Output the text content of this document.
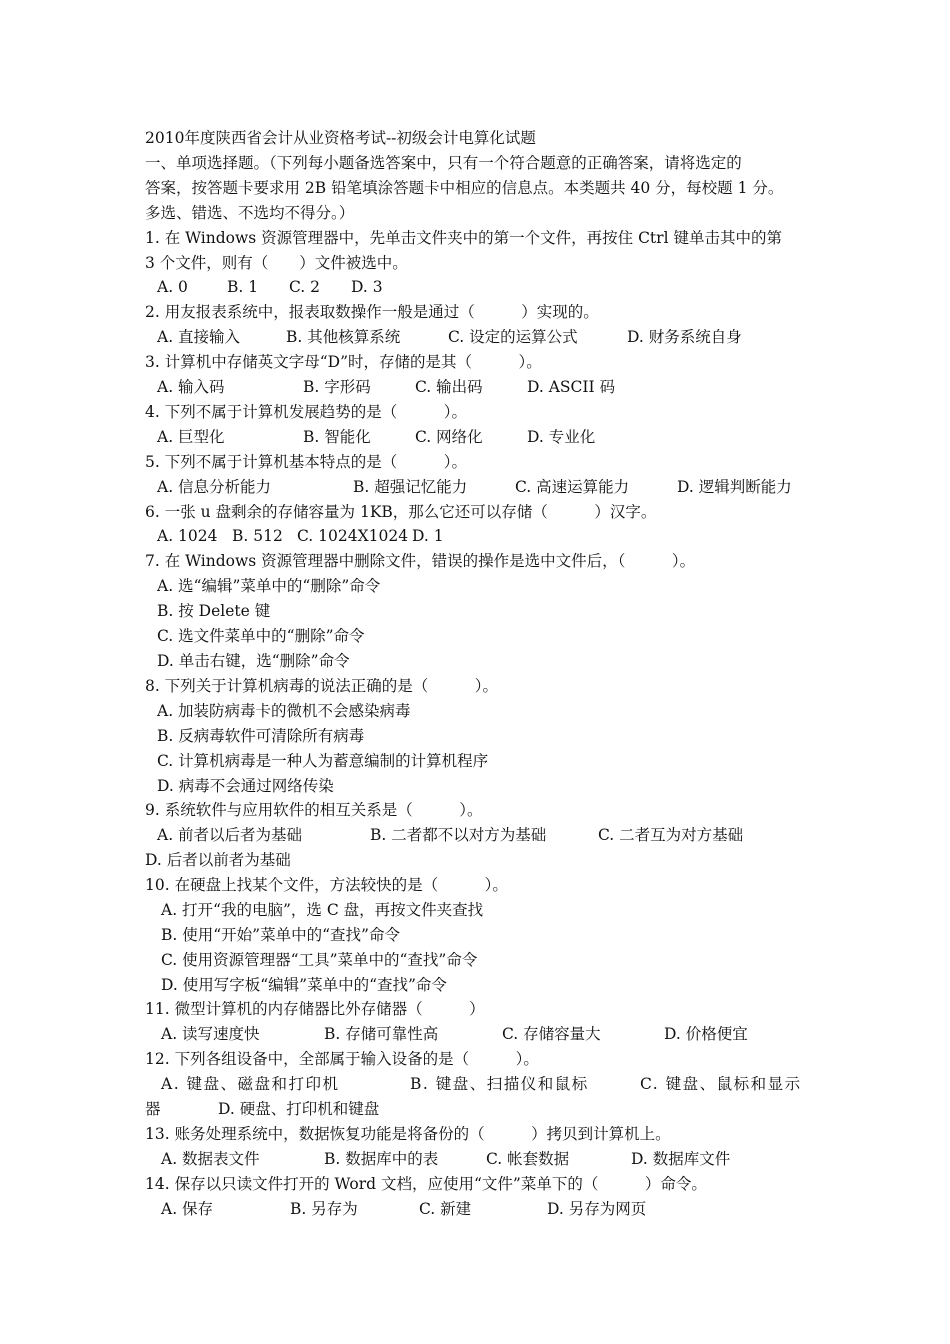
2010年度陕西省会计从业资格考试--初级会计电算化试题

一、单项选择题。（下列每小题备选答案中，只有一个符合题意的正确答案，请将选定的

答案，按答题卡要求用 2B 铅笔填涂答题卡中相应的信息点。本类题共 40 分，每校题 1 分。

多选、错选、不选均不得分。）

1. 在 Windows 资源管理器中，先单击文件夹中的第一个文件，再按住 Ctrl 键单击其中的第

3 个文件，则有（　　）文件被选中。

A. 0	B. 1 C. 2 D. 3

2. 用友报表系统中，报表取数操作一般是通过（　　　）实现的。

A. 直接输入	B. 其他核算系统	C. 设定的运算公式	D. 财务系统自身

3. 计算机中存储英文字母“D”时，存储的是其（　　　）。

A. 输入码	B. 字形码	C. 输出码	D. ASCII 码

4. 下列不属于计算机发展趋势的是（　　　）。

A. 巨型化	B. 智能化	C. 网络化	D. 专业化

5. 下列不属于计算机基本特点的是（　　　）。

A. 信息分析能力	B. 超强记忆能力	C. 高速运算能力	D. 逻辑判断能力

6. 一张 u 盘剩余的存储容量为 1KB，那么它还可以存储（　　　）汉字。

A. 1024 B. 512 C. 1024X1024 D. 1

7. 在 Windows 资源管理器中删除文件，错误的操作是选中文件后，（　　　）。

A. 选“编辑”菜单中的“删除”命令
B. 按 Delete 键
C. 选文件菜单中的“删除”命令
D. 单击右键，选“删除”命令

8. 下列关于计算机病毒的说法正确的是（　　　）。

A. 加装防病毒卡的微机不会感染病毒
B. 反病毒软件可清除所有病毒
C. 计算机病毒是一种人为蓄意编制的计算机程序
D. 病毒不会通过网络传染

9. 系统软件与应用软件的相互关系是（　　　）。

A. 前者以后者为基础	B. 二者都不以对方为基础	C. 二者互为对方基础
D. 后者以前者为基础

10. 在硬盘上找某个文件，方法较快的是（　　　）。

A. 打开“我的电脑”，选 C 盘，再按文件夹查找
B. 使用“开始”菜单中的“查找”命令
C. 使用资源管理器“工具”菜单中的“查找”命令
D. 使用写字板“编辑”菜单中的“查找”命令

11. 微型计算机的内存储器比外存储器（　　　）

A. 读写速度快	B. 存储可靠性高	C. 存储容量大	D. 价格便宜

12. 下列各组设备中，全部属于输入设备的是（　　　）。

A. 键盘、磁盘和打印机	B. 键盘、扫描仪和鼠标	C. 键盘、鼠标和显示
器	D. 硬盘、打印机和键盘

13. 账务处理系统中，数据恢复功能是将备份的（　　　）拷贝到计算机上。

A. 数据表文件	B. 数据库中的表	C. 帐套数据	D. 数据库文件

14. 保存以只读文件打开的 Word 文档，应使用“文件”菜单下的（　　　）命令。

A. 保存	B. 另存为	C. 新建	D. 另存为网页
